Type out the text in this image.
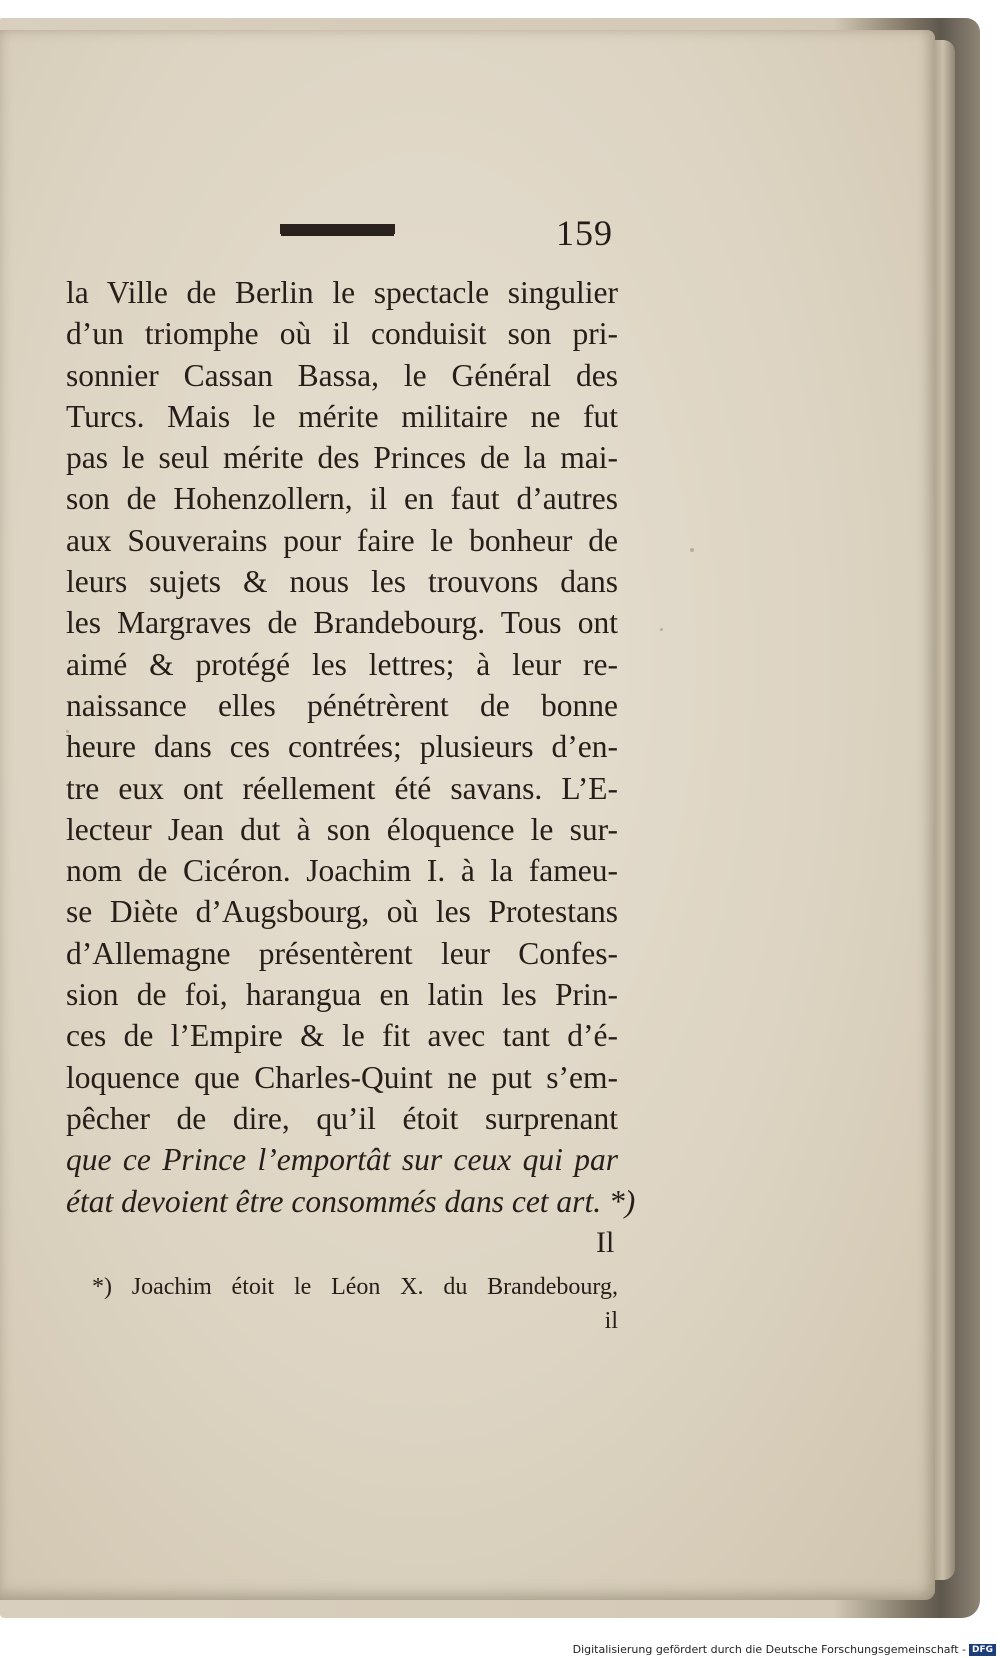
159
la Ville de Berlin le spectacle singulier
d’un triomphe où il conduisit son pri-
sonnier Cassan Bassa, le Général des
Turcs. Mais le mérite militaire ne fut
pas le seul mérite des Princes de la mai-
son de Hohenzollern, il en faut d’autres
aux Souverains pour faire le bonheur de
leurs sujets & nous les trouvons dans
les Margraves de Brandebourg. Tous ont
aimé & protégé les lettres; à leur re-
naissance elles pénétrèrent de bonne
heure dans ces contrées; plusieurs d’en-
tre eux ont réellement été savans. L’E-
lecteur Jean dut à son éloquence le sur-
nom de Cicéron. Joachim I. à la fameu-
se Diète d’Augsbourg, où les Protestans
d’Allemagne présentèrent leur Confes-
sion de foi, harangua en latin les Prin-
ces de l’Empire & le fit avec tant d’é-
loquence que Charles-Quint ne put s’em-
pêcher de dire, qu’il étoit surprenant
que ce Prince l’emportât sur ceux qui par
état devoient être consommés dans cet art. *)
Il
*) Joachim étoit le Léon X. du Brandebourg,
il
Digitalisierung gefördert durch die Deutsche Forschungsgemeinschaft - DFG
